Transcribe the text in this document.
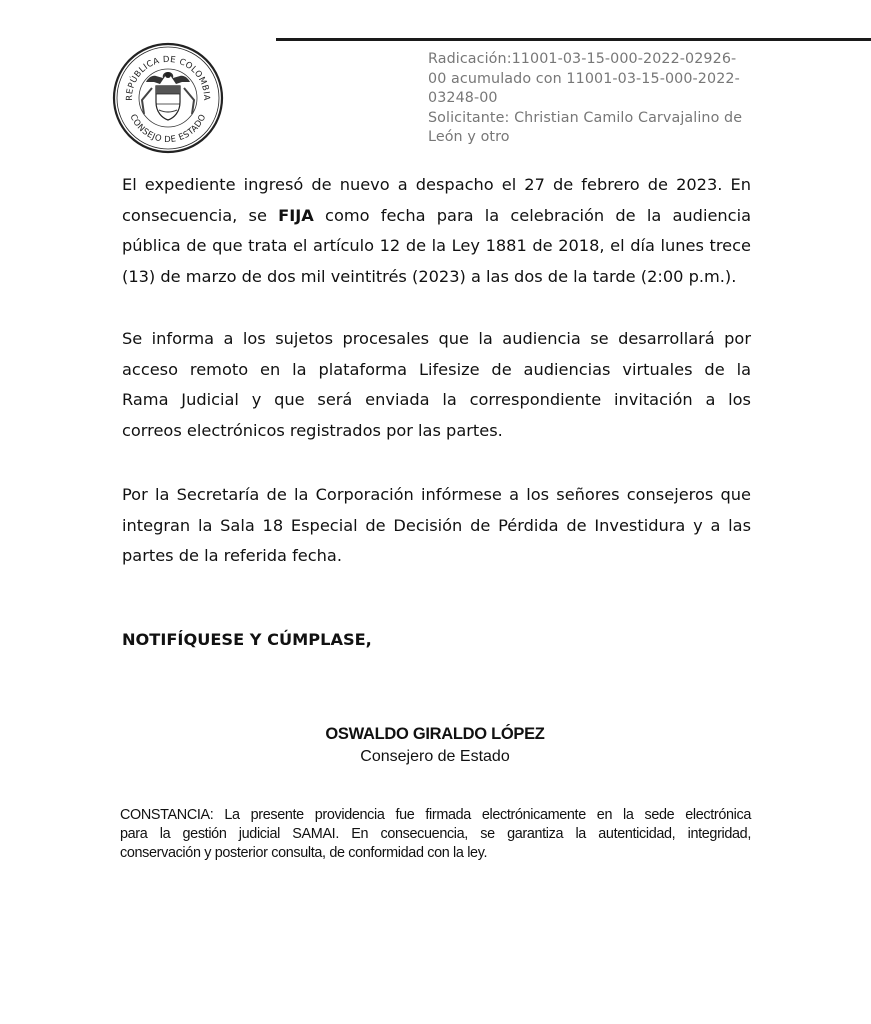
REPÚBLICA DE COLOMBIA
CONSEJO DE ESTADO
Radicación:11001-03-15-000-2022-02926-
00 acumulado con 11001-03-15-000-2022-
03248-00
Solicitante: Christian Camilo Carvajalino de
León y otro
El expediente ingresó de nuevo a despacho el 27 de febrero de 2023. En
consecuencia, se FIJA como fecha para la celebración de la audiencia
pública de que trata el artículo 12 de la Ley 1881 de 2018, el día lunes trece
(13) de marzo de dos mil veintitrés (2023) a las dos de la tarde (2:00 p.m.).
Se informa a los sujetos procesales que la audiencia se desarrollará por
acceso remoto en la plataforma Lifesize de audiencias virtuales de la
Rama Judicial y que será enviada la correspondiente invitación a los
correos electrónicos registrados por las partes.
Por la Secretaría de la Corporación infórmese a los señores consejeros que
integran la Sala 18 Especial de Decisión de Pérdida de Investidura y a las
partes de la referida fecha.
NOTIFÍQUESE Y CÚMPLASE,
OSWALDO GIRALDO LÓPEZ
Consejero de Estado
CONSTANCIA: La presente providencia fue firmada electrónicamente en la sede electrónica
para la gestión judicial SAMAI. En consecuencia, se garantiza la autenticidad, integridad,
conservación y posterior consulta, de conformidad con la ley.
